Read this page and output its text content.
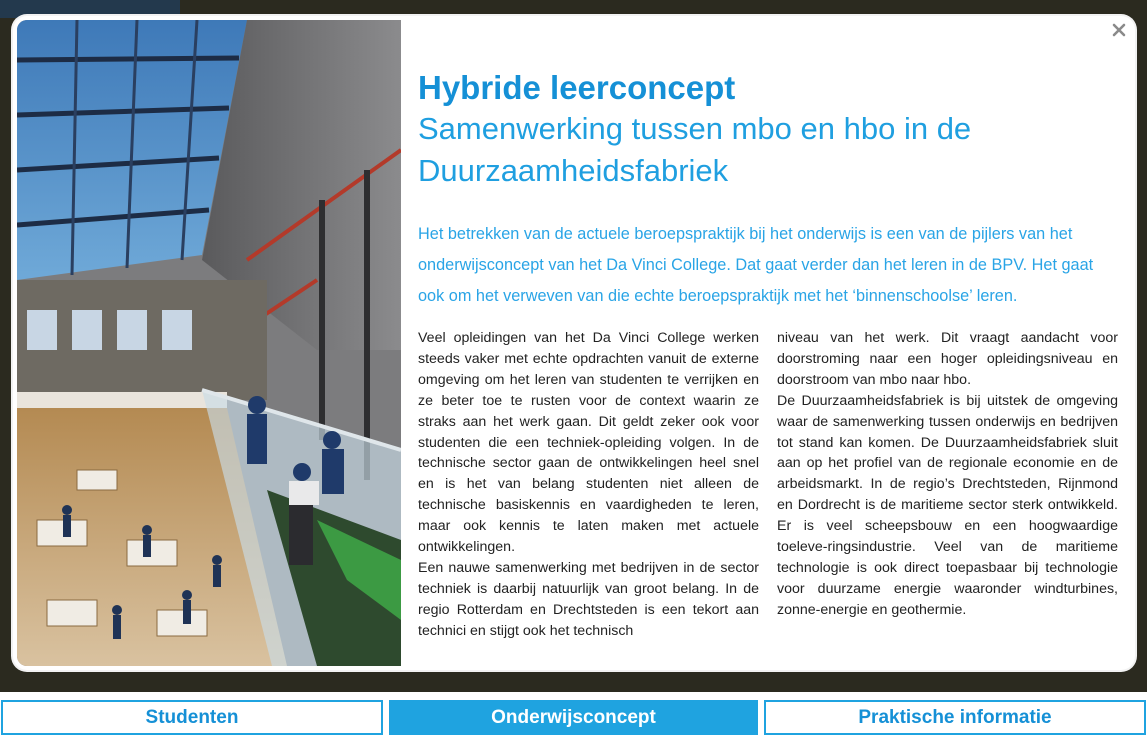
Hybride leerconcept
Samenwerking tussen mbo en hbo in de Duurzaamheidsfabriek

Het betrekken van de actuele beroepspraktijk bij het onderwijs is een van de pijlers van het onderwijsconcept van het Da Vinci College. Dat gaat verder dan het leren in de BPV. Het gaat ook om het verweven van die echte beroepspraktijk met het ‘binnenschoolse’ leren.

Veel opleidingen van het Da Vinci College werken steeds vaker met echte opdrachten vanuit de externe omgeving om het leren van studenten te verrijken en ze beter toe te rusten voor de context waarin ze straks aan het werk gaan. Dit geldt zeker ook voor studenten die een techniek-opleiding volgen. In de technische sector gaan de ontwikkelingen heel snel en is het van belang studenten niet alleen de technische basiskennis en vaardigheden te leren, maar ook kennis te laten maken met actuele ontwikkelingen.

Een nauwe samenwerking met bedrijven in de sector techniek is daarbij natuurlijk van groot belang. In de regio Rotterdam en Drechtsteden is een tekort aan technici en stijgt ook het technisch

niveau van het werk. Dit vraagt aandacht voor doorstroming naar een hoger opleidingsniveau en doorstroom van mbo naar hbo.

De Duurzaamheidsfabriek is bij uitstek de omgeving waar de samenwerking tussen onderwijs en bedrijven tot stand kan komen. De Duurzaamheidsfabriek sluit aan op het profiel van de regionale economie en de arbeidsmarkt. In de regio’s Drechtsteden, Rijnmond en Dordrecht is de maritieme sector sterk ontwikkeld. Er is veel scheepsbouw en een hoogwaardige toeleve-ringsindustrie. Veel van de maritieme technologie is ook direct toepasbaar bij technologie voor duurzame energie waaronder windturbines, zonne-energie en geothermie.

Studenten	Onderwijsconcept	Praktische informatie
